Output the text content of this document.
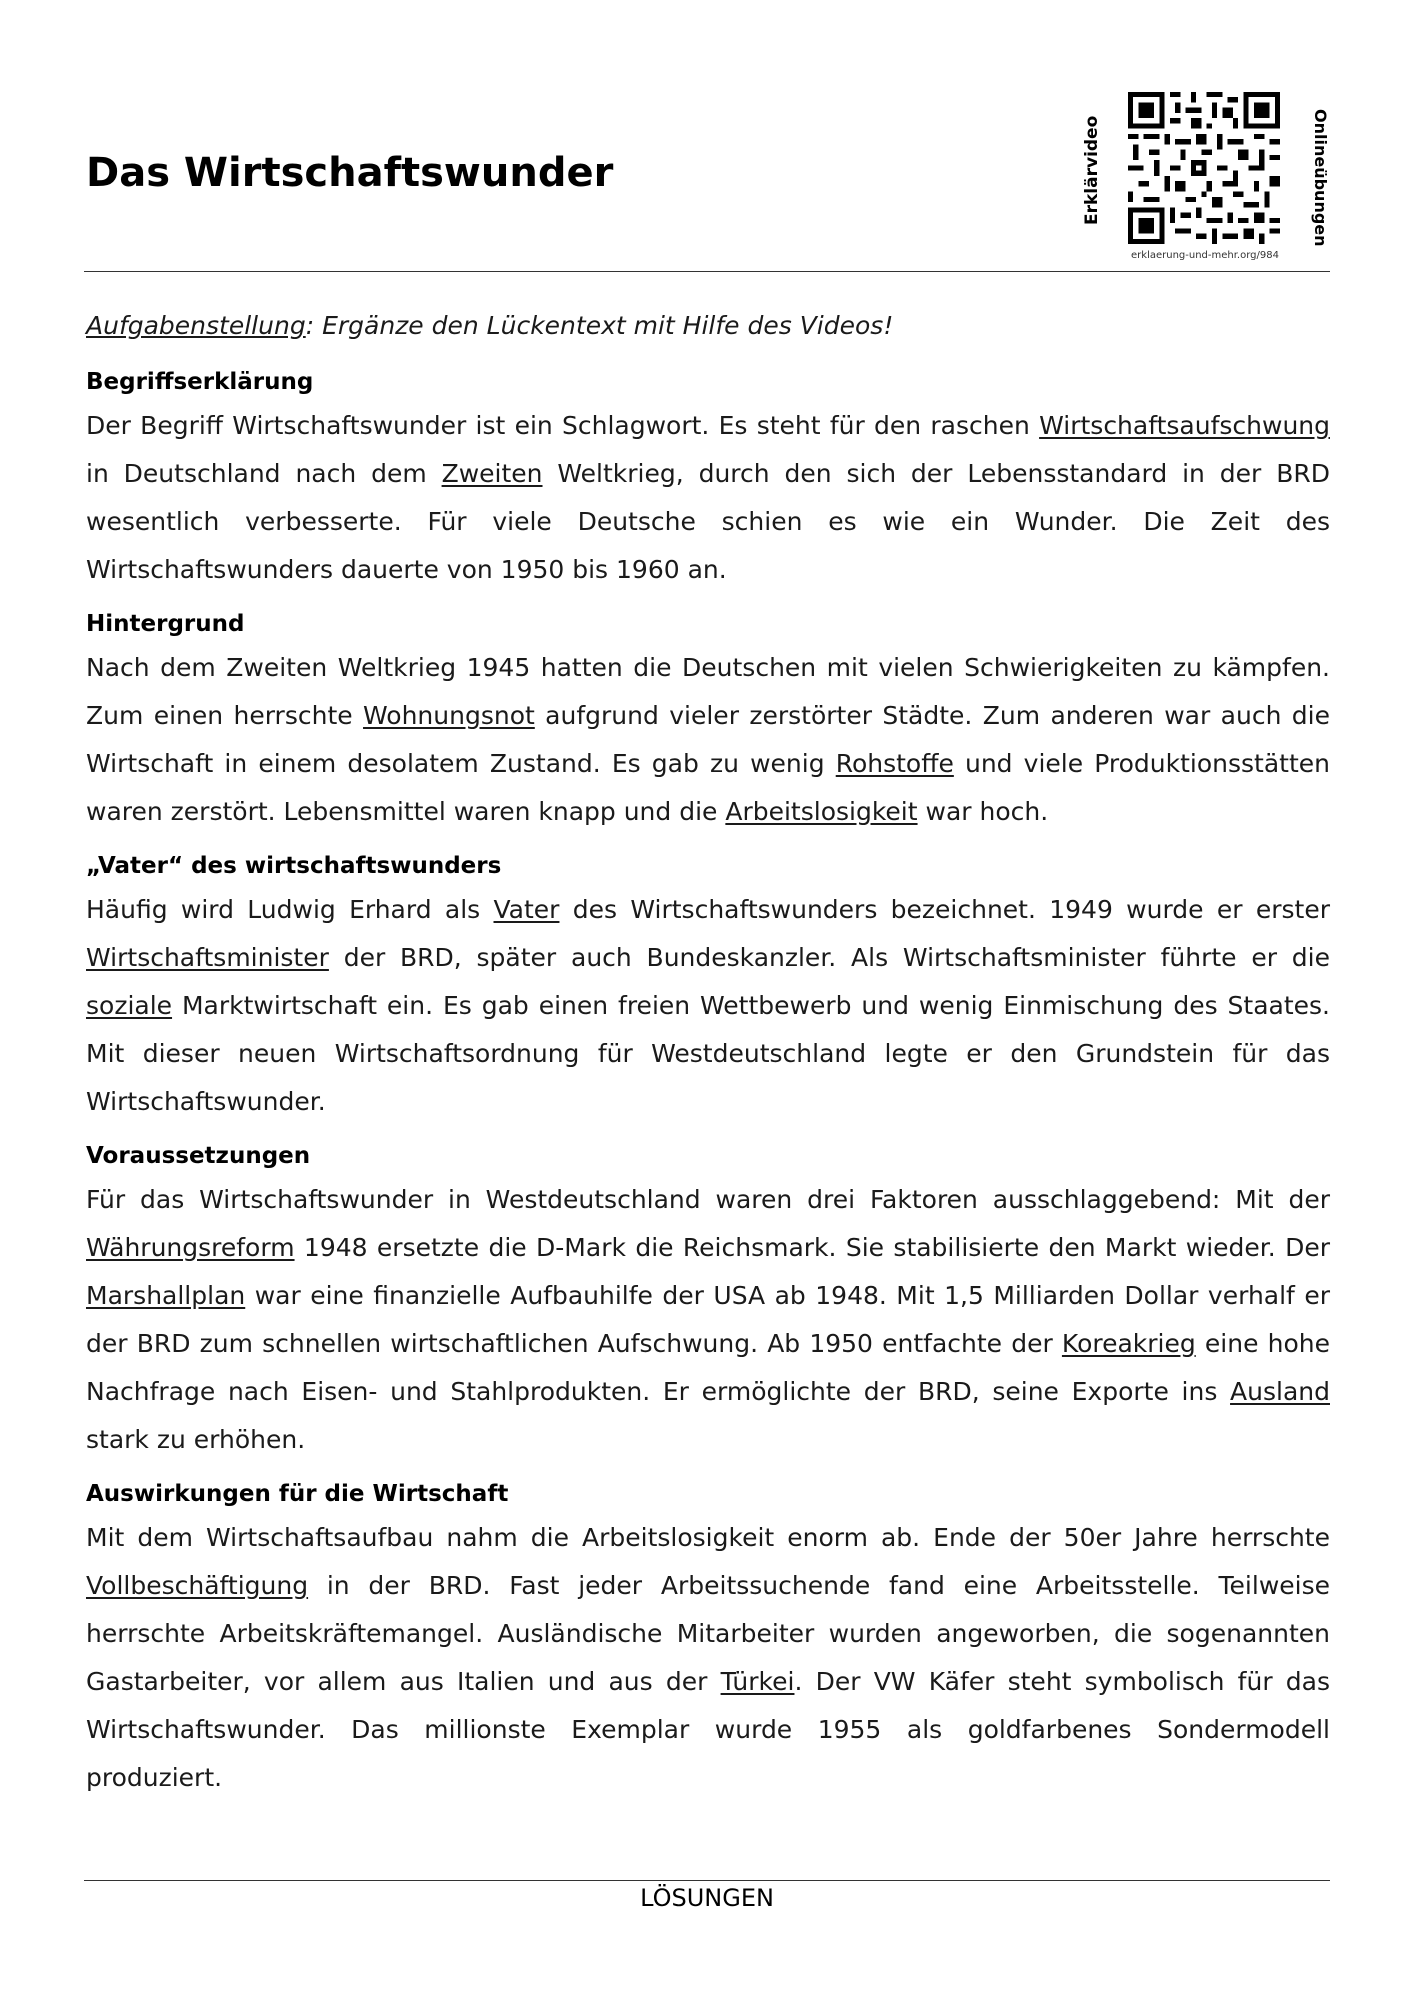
Das Wirtschaftswunder	Erklärvideo
erklaerung-und-mehr.org/984
Onlineübungen

Aufgabenstellung: Ergänze den Lückentext mit Hilfe des Videos!

Begriffserklärung

Der Begriff Wirtschaftswunder ist ein Schlagwort. Es steht für den raschen Wirtschaftsaufschwung in Deutschland nach dem Zweiten Weltkrieg, durch den sich der Lebensstandard in der BRD wesentlich verbesserte. Für viele Deutsche schien es wie ein Wunder. Die Zeit des Wirtschaftswunders dauerte von 1950 bis 1960 an.

Hintergrund

Nach dem Zweiten Weltkrieg 1945 hatten die Deutschen mit vielen Schwierigkeiten zu kämpfen. Zum einen herrschte Wohnungsnot aufgrund vieler zerstörter Städte. Zum anderen war auch die Wirtschaft in einem desolatem Zustand. Es gab zu wenig Rohstoffe und viele Produktionsstätten waren zerstört. Lebensmittel waren knapp und die Arbeitslosigkeit war hoch.

„Vater“ des wirtschaftswunders

Häufig wird Ludwig Erhard als Vater des Wirtschaftswunders bezeichnet. 1949 wurde er erster Wirtschaftsminister der BRD, später auch Bundeskanzler. Als Wirtschaftsminister führte er die soziale Marktwirtschaft ein. Es gab einen freien Wettbewerb und wenig Einmischung des Staates. Mit dieser neuen Wirtschaftsordnung für Westdeutschland legte er den Grundstein für das Wirtschaftswunder.

Voraussetzungen

Für das Wirtschaftswunder in Westdeutschland waren drei Faktoren ausschlaggebend: Mit der Währungsreform 1948 ersetzte die D-Mark die Reichsmark. Sie stabilisierte den Markt wieder. Der Marshallplan war eine finanzielle Aufbauhilfe der USA ab 1948. Mit 1,5 Milliarden Dollar verhalf er der BRD zum schnellen wirtschaftlichen Aufschwung. Ab 1950 entfachte der Koreakrieg eine hohe Nachfrage nach Eisen- und Stahlprodukten. Er ermöglichte der BRD, seine Exporte ins Ausland stark zu erhöhen.

Auswirkungen für die Wirtschaft

Mit dem Wirtschaftsaufbau nahm die Arbeitslosigkeit enorm ab. Ende der 50er Jahre herrschte Vollbeschäftigung in der BRD. Fast jeder Arbeitssuchende fand eine Arbeitsstelle. Teilweise herrschte Arbeitskräftemangel. Ausländische Mitarbeiter wurden angeworben, die sogenannten Gastarbeiter, vor allem aus Italien und aus der Türkei. Der VW Käfer steht symbolisch für das Wirtschaftswunder. Das millionste Exemplar wurde 1955 als goldfarbenes Sondermodell produziert.

LÖSUNGEN
